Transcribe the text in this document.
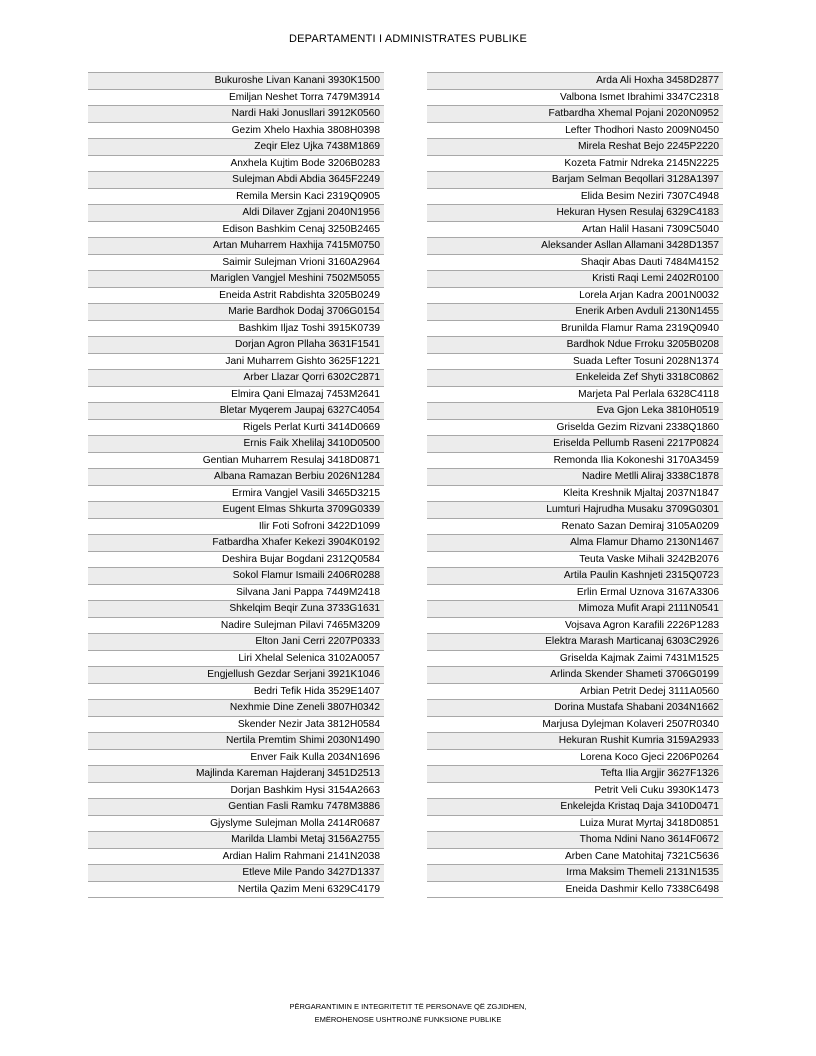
DEPARTAMENTI I ADMINISTRATES PUBLIKE
Bukuroshe Livan Kanani 3930K1500
Emiljan Neshet Torra 7479M3914
Nardi Haki Jonusllari 3912K0560
Gezim Xhelo Haxhia 3808H0398
Zeqir Elez Ujka 7438M1869
Anxhela Kujtim Bode 3206B0283
Sulejman Abdi Abdia 3645F2249
Remila Mersin Kaci 2319Q0905
Aldi Dilaver Zgjani 2040N1956
Edison Bashkim Cenaj 3250B2465
Artan Muharrem Haxhija 7415M0750
Saimir Sulejman Vrioni 3160A2964
Mariglen Vangjel Meshini 7502M5055
Eneida Astrit Rabdishta 3205B0249
Marie Bardhok Dodaj 3706G0154
Bashkim Iljaz Toshi 3915K0739
Dorjan Agron Pllaha 3631F1541
Jani Muharrem Gishto 3625F1221
Arber Llazar Qorri 6302C2871
Elmira Qani Elmazaj 7453M2641
Bletar Myqerem Jaupaj 6327C4054
Rigels Perlat Kurti 3414D0669
Ernis Faik Xhelilaj 3410D0500
Gentian Muharrem Resulaj 3418D0871
Albana Ramazan Berbiu 2026N1284
Ermira Vangjel Vasili 3465D3215
Eugent Elmas Shkurta 3709G0339
Ilir Foti Sofroni 3422D1099
Fatbardha Xhafer Kekezi 3904K0192
Deshira Bujar Bogdani 2312Q0584
Sokol Flamur Ismaili 2406R0288
Silvana Jani Pappa 7449M2418
Shkelqim Beqir Zuna 3733G1631
Nadire Sulejman Pilavi 7465M3209
Elton Jani Cerri 2207P0333
Liri Xhelal Selenica 3102A0057
Engjellush Gezdar Serjani 3921K1046
Bedri Tefik Hida 3529E1407
Nexhmie Dine Zeneli 3807H0342
Skender Nezir Jata 3812H0584
Nertila Premtim Shimi 2030N1490
Enver Faik Kulla 2034N1696
Majlinda Kareman Hajderanj 3451D2513
Dorjan Bashkim Hysi 3154A2663
Gentian Fasli Ramku 7478M3886
Gjyslyme Sulejman Molla 2414R0687
Marilda Llambi Metaj 3156A2755
Ardian Halim Rahmani 2141N2038
Etleve Mile Pando 3427D1337
Nertila Qazim Meni 6329C4179
Arda Ali Hoxha 3458D2877
Valbona Ismet Ibrahimi 3347C2318
Fatbardha Xhemal Pojani 2020N0952
Lefter Thodhori Nasto 2009N0450
Mirela Reshat Bejo 2245P2220
Kozeta Fatmir Ndreka 2145N2225
Barjam Selman Beqollari 3128A1397
Elida Besim Neziri 7307C4948
Hekuran Hysen Resulaj 6329C4183
Artan Halil Hasani 7309C5040
Aleksander Asllan Allamani 3428D1357
Shaqir Abas Dauti 7484M4152
Kristi Raqi Lemi 2402R0100
Lorela Arjan Kadra 2001N0032
Enerik Arben Avduli 2130N1455
Brunilda Flamur Rama 2319Q0940
Bardhok Ndue Frroku 3205B0208
Suada Lefter Tosuni 2028N1374
Enkeleida Zef Shyti 3318C0862
Marjeta Pal Perlala 6328C4118
Eva Gjon Leka 3810H0519
Griselda Gezim Rizvani 2338Q1860
Eriselda Pellumb Raseni 2217P0824
Remonda Ilia Kokoneshi 3170A3459
Nadire Metlli Aliraj 3338C1878
Kleita Kreshnik Mjaltaj 2037N1847
Lumturi Hajrudha Musaku 3709G0301
Renato Sazan Demiraj 3105A0209
Alma Flamur Dhamo 2130N1467
Teuta Vaske Mihali 3242B2076
Artila Paulin Kashnjeti 2315Q0723
Erlin Ermal Uznova 3167A3306
Mimoza Mufit Arapi 2111N0541
Vojsava Agron Karafili 2226P1283
Elektra Marash Marticanaj 6303C2926
Griselda Kajmak Zaimi 7431M1525
Arlinda Skender Shameti 3706G0199
Arbian Petrit Dedej 3111A0560
Dorina Mustafa Shabani 2034N1662
Marjusa Dylejman Kolaveri 2507R0340
Hekuran Rushit Kumria 3159A2933
Lorena Koco Gjeci 2206P0264
Tefta Ilia Argjir 3627F1326
Petrit Veli Cuku 3930K1473
Enkelejda Kristaq Daja 3410D0471
Luiza Murat Myrtaj 3418D0851
Thoma Ndini Nano 3614F0672
Arben Cane Matohitaj 7321C5636
Irma Maksim Themeli 2131N1535
Eneida Dashmir Kello 7338C6498
PËRGARANTIMIN E INTEGRITETIT TË PERSONAVE QË ZGJIDHEN,
EMËROHENOSE USHTROJNË FUNKSIONE PUBLIKE
